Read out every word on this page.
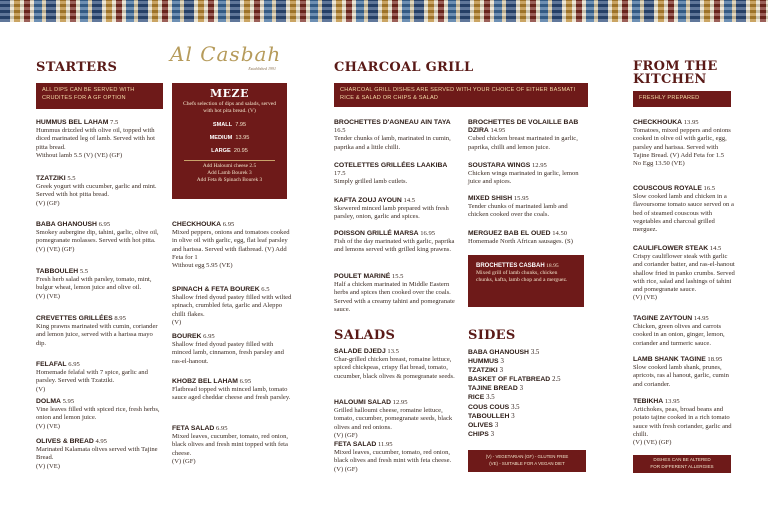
STARTERS
ALL DIPS CAN BE SERVED WITH CRUDITES FOR A GF OPTION
HUMMUS BEL LAHAM 7.5
Hummus drizzled with olive oil, topped with diced marinated leg of lamb. Served with hot pitta bread.
Without lamb 5.5 (V) (VE) (GF)
TZATZIKI 5.5
Greek yogurt with cucumber, garlic and mint. Served with hot pitta bread.
(V) (GF)
BABA GHANOUSH 6.95
Smokey aubergine dip, tahini, garlic, olive oil, pomegranate molasses. Served with hot pitta.
(V) (VE) (GF)
TABBOULEH 5.5
Fresh herb salad with parsley, tomato, mint, bulgur wheat, lemon juice and olive oil.
(V) (VE)
CREVETTES GRILLÉES 8.95
King prawns marinated with cumin, coriander and lemon juice, served with a harissa mayo dip.
FELAFAL 6.95
Homemade felafal with 7 spice, garlic and parsley. Served with Tzatziki.
(V)
DOLMA 5.95
Vine leaves filled with spiced rice, fresh herbs, onion and lemon juice.
(V) (VE)
OLIVES & BREAD 4.95
Marinated Kalamata olives served with Tajine Bread.
(V) (VE)
Al Casbah
Established 1991
MEZE
Chefs selection of dips and salads, served with hot pita bread. (V)
SMALL 7.95
MEDIUM 13.95
LARGE 20.95
Add Haloumi cheese 2.5
Add Lamb Bourek 3
Add Feta & Spinach Bourek 3
CHECKHOUKA 6.95
Mixed peppers, onions and tomatoes cooked in olive oil with garlic, egg, flat leaf parsley and harissa. Served with flatbread. (V) Add Feta for 1
Without egg 5.95 (VE)
SPINACH & FETA BOUREK 6.5
Shallow fried dyoud pastey filled with wilted spinach, crumbled feta, garlic and Aleppo chilli flakes.
(V)
BOUREK 6.95
Shallow fried dyoud pastey filled with minced lamb, cinnamon, fresh parsley and ras-el-hanout.
KHOBZ BEL LAHAM 6.95
Flatbread topped with minced lamb, tomato sauce aged cheddar cheese and fresh parsley.
FETA SALAD 6.95
Mixed leaves, cucumber, tomato, red onion, black olives and fresh mint topped with feta cheese.
(V) (GF)
CHARCOAL GRILL
CHARCOAL GRILL DISHES ARE SERVED WITH YOUR CHOICE OF EITHER BASMATI RICE & SALAD OR CHIPS & SALAD
BROCHETTES D'AGNEAU AIN TAYA 16.5
Tender chunks of lamb, marinated in cumin, paprika and a little chilli.
COTELETTES GRILLÉES LAAKIBA 17.5
Simply grilled lamb cutlets.
KAFTA ZOUJ AYOUN 14.5
Skewered minced lamb prepared with fresh parsley, onion, garlic and spices.
POISSON GRILLÉ MARSA 16.95
Fish of the day marinated with garlic, paprika and lemons served with grilled king prawns.
POULET MARINÉ 15.5
Half a chicken marinated in Middle Eastern herbs and spices then cooked over the coals. Served with a creamy tahini and pomegranate sauce.
BROCHETTES DE VOLAILLE BAB DZIRA 14.95
Cubed chicken breast marinated in garlic, paprika, chilli and lemon juice.
SOUSTARA WINGS 12.95
Chicken wings marinated in garlic, lemon juice and spices.
MIXED SHISH 15.95
Tender chunks of marinated lamb and chicken cooked over the coals.
MERGUEZ BAB EL OUED 14.50
Homemade North African sausages. (S)
BROCHETTES CASBAH 18.95
Mixed grill of lamb chunks, chicken chunks, kafta, lamb chop and a merguez.
SALADS
SALADE DJEDJ 13.5
Char-grilled chicken breast, romaine lettuce, spiced chickpeas, crispy flat bread, tomato, cucumber, black olives & pomegranate seeds.
HALOUMI SALAD 12.95
Grilled halloumi cheese, romaine lettuce, tomato, cucumber, pomegranate seeds, black olives and red onions.
(V) (GF)
FETA SALAD 11.95
Mixed leaves, cucumber, tomato, red onion, black olives and fresh mint with feta cheese.
(V) (GF)
SIDES
BABA GHANOUSH 3.5
HUMMUS 3
TZATZIKI 3
BASKET OF FLATBREAD 2.5
TAJINE BREAD 3
RICE 3.5
COUS COUS 3.5
TABOULLEH 3
OLIVES 3
CHIPS 3
(V) - VEGETARIAN (GF) - GLUTEN FREE
(VE) - SUITABLE FOR A VEGAN DIET
FROM THE
KITCHEN
FRESHLY PREPARED
CHECKHOUKA 13.95
Tomatoes, mixed peppers and onions cooked in olive oil with garlic, egg, parsley and harissa. Served with Tajine Bread. (V) Add Feta for 1.5
No Egg 13.50 (VE)
COUSCOUS ROYALE 16.5
Slow cooked lamb and chicken in a flavoursome tomato sauce served on a bed of steamed couscous with vegetables and charcoal grilled merguez.
CAULIFLOWER STEAK 14.5
Crispy cauliflower steak with garlic and coriander batter, and ras-el-hanout shallow fried in panko crumbs. Served with rice, salad and lashings of tahini and pomegranate sauce.
(V) (VE)
TAGINE ZAYTOUN 14.95
Chicken, green olives and carrots cooked in an onion, ginger, lemon, coriander and turmeric sauce.
LAMB SHANK TAGINE 18.95
Slow cooked lamb shank, prunes, apricots, ras al hanout, garlic, cumin and coriander.
TEBIKHA 13.95
Artichokes, peas, broad beans and potato tajine cooked in a rich tomato sauce with fresh coriander, garlic and chilli.
(V) (VE) (GF)
DISHES CAN BE ALTERED
FOR DIFFERENT ALLERGIES
